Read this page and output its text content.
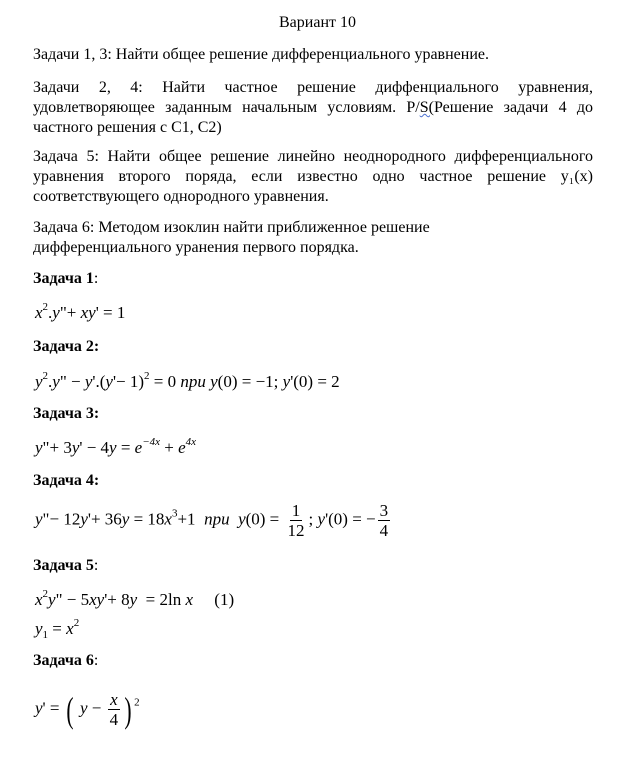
Вариант 10
Задачи 1, 3: Найти общее решение дифференциального уравнение.
Задачи 2, 4: Найти частное решение диффенциального уравнения, удовлетворяющее заданным начальным условиям. P/S(Решение задачи 4 до частного решения с С1, С2)
Задача 5: Найти общее решение линейно неоднородного дифференциального уравнения второго поряда, если известно одно частное решение y₁(x) соответствующего однородного уравнения.
Задача 6: Методом изоклин найти приближенное решение
дифференциального уранения первого порядка.
Задача 1:
$x^2.y"+ xy' = 1$
Задача 2:
$y^2.y$" − $y'.(y'- 1)^2 = 0$ при y(0) = −1; y'(0) = 2
Задача 3:
y"+ $3y' - 4y = e^{-4x} + e^{4x}$
Задача 4:
y"− $12y'+ 36y = 18x^3+1$  при  $y(0) = \frac{1}{12}$ ; y'(0) = − $\frac{3}{4}$
Задача 5:
$x^2y$" − 5xy'+ 8y  = 2ln x     (1)
$y_1 = x^2$
Задача 6:
y' = ( $y - \frac{x}{4}$ ) $^2$
